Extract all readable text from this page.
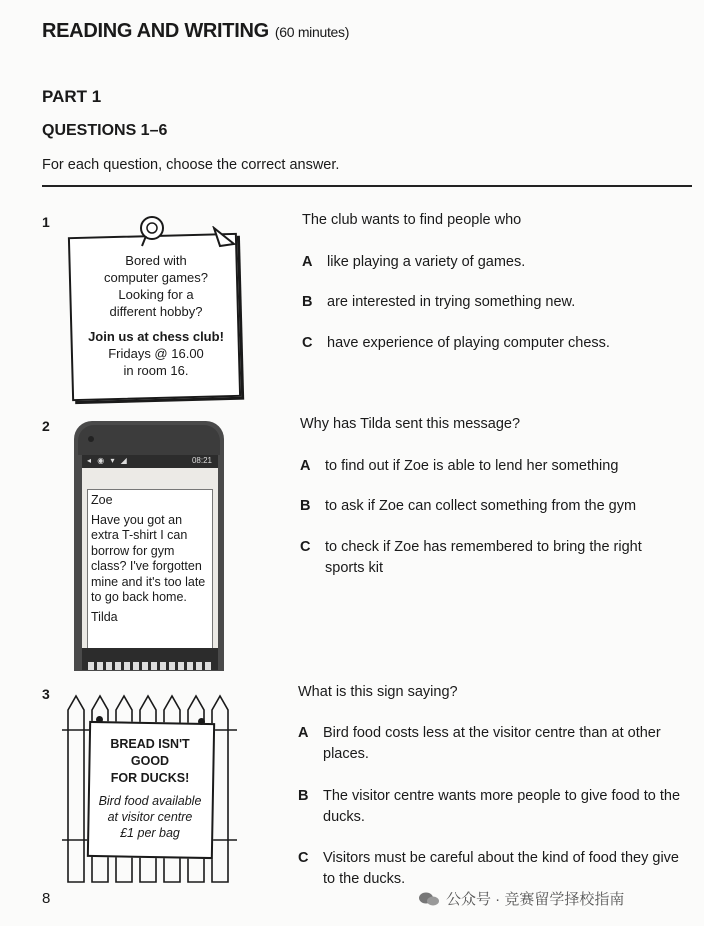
READING AND WRITING (60 minutes)
PART 1
QUESTIONS 1–6
For each question, choose the correct answer.
1
Bored with
computer games?
Looking for a
different hobby?
Join us at chess club!
Fridays @ 16.00
in room 16.
The club wants to find people who
A like playing a variety of games.
B are interested in trying something new.
C have experience of playing computer chess.
2
◂ ◉ ▾ ◢	08:21
Zoe
Have you got an extra T-shirt I can borrow for gym class? I've forgotten mine and it's too late to go back home.
Tilda
Why has Tilda sent this message?
A to find out if Zoe is able to lend her something
B to ask if Zoe can collect something from the gym
C to check if Zoe has remembered to bring the right sports kit
3
BREAD ISN'T
GOOD
FOR DUCKS!
Bird food available
at visitor centre
£1 per bag
What is this sign saying?
A Bird food costs less at the visitor centre than at other places.
B The visitor centre wants more people to give food to the ducks.
C Visitors must be careful about the kind of food they give to the ducks.
8	公众号 · 竞赛留学择校指南
